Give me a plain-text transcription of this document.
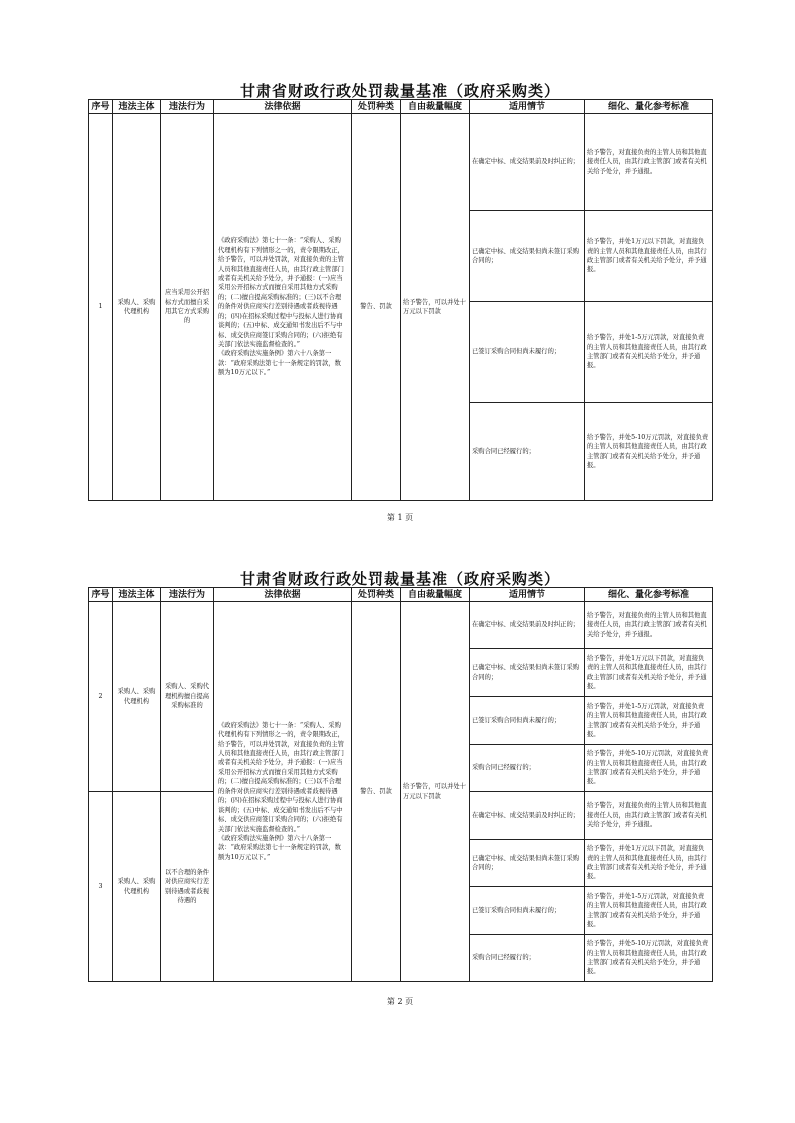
甘肃省财政行政处罚裁量基准（政府采购类）
序号	违法主体	违法行为	法律依据	处罚种类	自由裁量幅度	适用情节	细化、量化参考标准
1	采购人、采购代理机构	应当采用公开招标方式而擅自采用其它方式采购的	《政府采购法》第七十一条：“采购人、采购代理机构有下列情形之一的，责令限期改正，给予警告，可以并处罚款，对直接负责的主管人员和其他直接责任人员，由其行政主管部门或者有关机关给予处分，并予通报：(一)应当采用公开招标方式而擅自采用其他方式采购的；(二)擅自提高采购标准的；(三)以不合理的条件对供应商实行差别待遇或者歧视待遇的；(四)在招标采购过程中与投标人进行协商谈判的；(五)中标、成交通知书发出后不与中标、成交供应商签订采购合同的；(六)拒绝有关部门依法实施监督检查的。”
《政府采购法实施条例》第六十八条第一款：“政府采购法第七十一条规定的罚款，数额为10万元以下。”	警告、罚款	给予警告，可以并处十万元以下罚款	在确定中标、成交结果前及时纠正的；	给予警告，对直接负责的主管人员和其他直接责任人员，由其行政主管部门或者有关机关给予处分，并予通报。
						已确定中标、成交结果但尚未签订采购合同的；	给予警告，并处1万元以下罚款，对直接负责的主管人员和其他直接责任人员，由其行政主管部门或者有关机关给予处分，并予通报。
						已签订采购合同但尚未履行的；	给予警告，并处1-5万元罚款，对直接负责的主管人员和其他直接责任人员，由其行政主管部门或者有关机关给予处分，并予通报。
						采购合同已经履行的；	给予警告，并处5-10万元罚款，对直接负责的主管人员和其他直接责任人员，由其行政主管部门或者有关机关给予处分，并予通报。
第 1 页
甘肃省财政行政处罚裁量基准（政府采购类）
序号	违法主体	违法行为	法律依据	处罚种类	自由裁量幅度	适用情节	细化、量化参考标准
2	采购人、采购代理机构	采购人、采购代理机构擅自提高采购标准的	《政府采购法》第七十一条：“采购人、采购代理机构有下列情形之一的，责令限期改正，给予警告，可以并处罚款，对直接负责的主管人员和其他直接责任人员，由其行政主管部门或者有关机关给予处分，并予通报：(一)应当采用公开招标方式而擅自采用其他方式采购的；(二)擅自提高采购标准的；(三)以不合理的条件对供应商实行差别待遇或者歧视待遇的；(四)在招标采购过程中与投标人进行协商谈判的；(五)中标、成交通知书发出后不与中标、成交供应商签订采购合同的；(六)拒绝有关部门依法实施监督检查的。”
《政府采购法实施条例》第六十八条第一款：“政府采购法第七十一条规定的罚款，数额为10万元以下。”	警告、罚款	给予警告，可以并处十万元以下罚款	在确定中标、成交结果前及时纠正的；	给予警告，对直接负责的主管人员和其他直接责任人员，由其行政主管部门或者有关机关给予处分，并予通报。
						已确定中标、成交结果但尚未签订采购合同的；	给予警告，并处1万元以下罚款，对直接负责的主管人员和其他直接责任人员，由其行政主管部门或者有关机关给予处分，并予通报。
						已签订采购合同但尚未履行的；	给予警告，并处1-5万元罚款，对直接负责的主管人员和其他直接责任人员，由其行政主管部门或者有关机关给予处分，并予通报。
						采购合同已经履行的；	给予警告，并处5-10万元罚款，对直接负责的主管人员和其他直接责任人员，由其行政主管部门或者有关机关给予处分，并予通报。
3	采购人、采购代理机构	以不合理的条件对供应商实行差别待遇或者歧视待遇的				在确定中标、成交结果前及时纠正的；	给予警告，对直接负责的主管人员和其他直接责任人员，由其行政主管部门或者有关机关给予处分，并予通报。
						已确定中标、成交结果但尚未签订采购合同的；	给予警告，并处1万元以下罚款，对直接负责的主管人员和其他直接责任人员，由其行政主管部门或者有关机关给予处分，并予通报。
						已签订采购合同但尚未履行的；	给予警告，并处1-5万元罚款，对直接负责的主管人员和其他直接责任人员，由其行政主管部门或者有关机关给予处分，并予通报。
						采购合同已经履行的；	给予警告，并处5-10万元罚款，对直接负责的主管人员和其他直接责任人员，由其行政主管部门或者有关机关给予处分，并予通报。
第 2 页
